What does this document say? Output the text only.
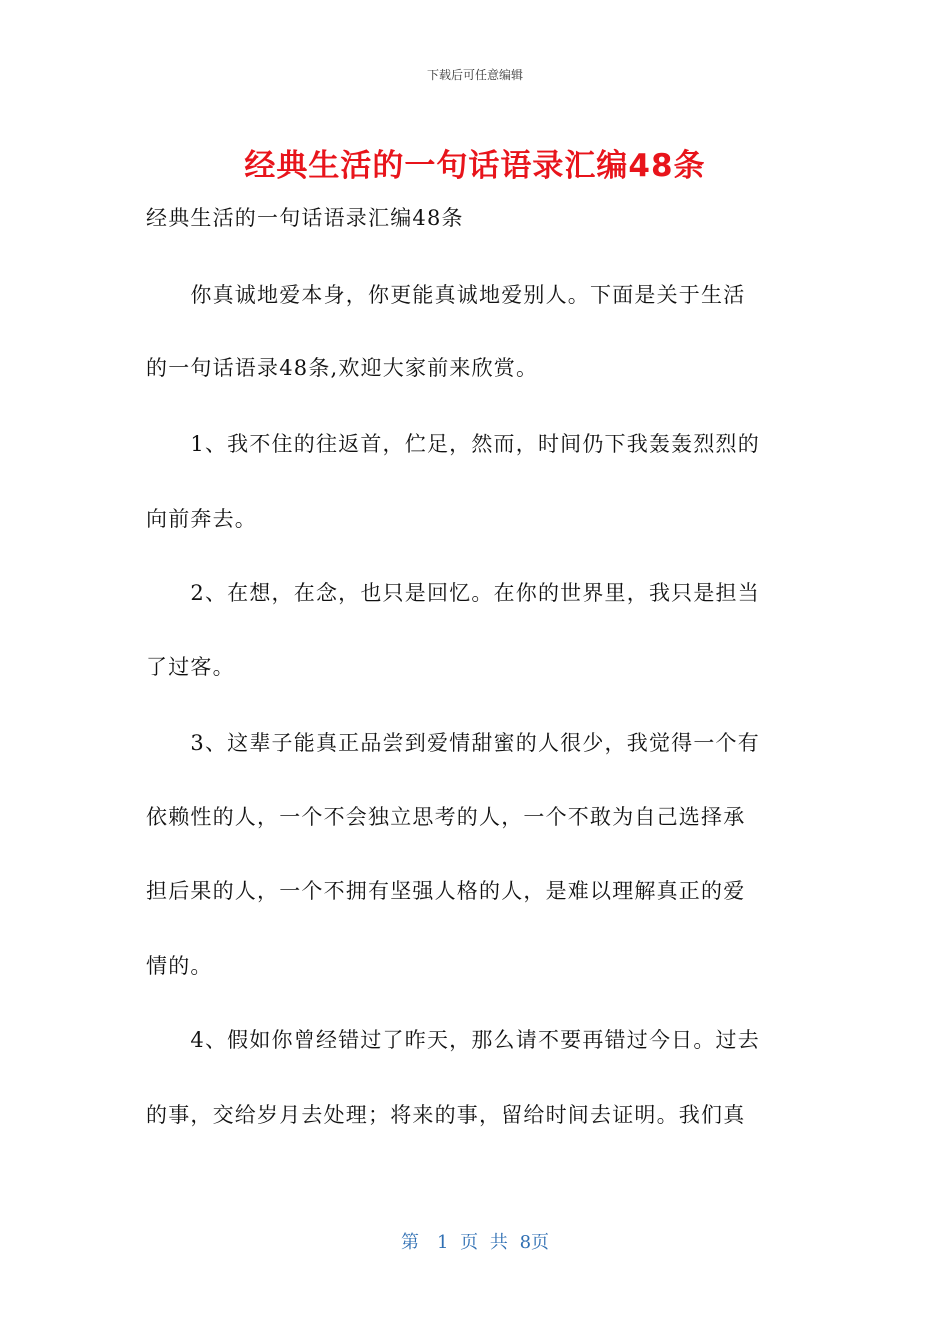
下载后可任意编辑
经典生活的一句话语录汇编48条
经典生活的一句话语录汇编48条
　　你真诚地爱本身，你更能真诚地爱别人。下面是关于生活
的一句话语录48条,欢迎大家前来欣赏。
　　1、我不住的往返首，伫足，然而，时间仍下我轰轰烈烈的
向前奔去。
　　2、在想，在念，也只是回忆。在你的世界里，我只是担当
了过客。
　　3、这辈子能真正品尝到爱情甜蜜的人很少，我觉得一个有
依赖性的人，一个不会独立思考的人，一个不敢为自己选择承
担后果的人，一个不拥有坚强人格的人，是难以理解真正的爱
情的。
　　4、假如你曾经错过了昨天，那么请不要再错过今日。过去
的事，交给岁月去处理；将来的事，留给时间去证明。我们真
第　1 页 共 8页
